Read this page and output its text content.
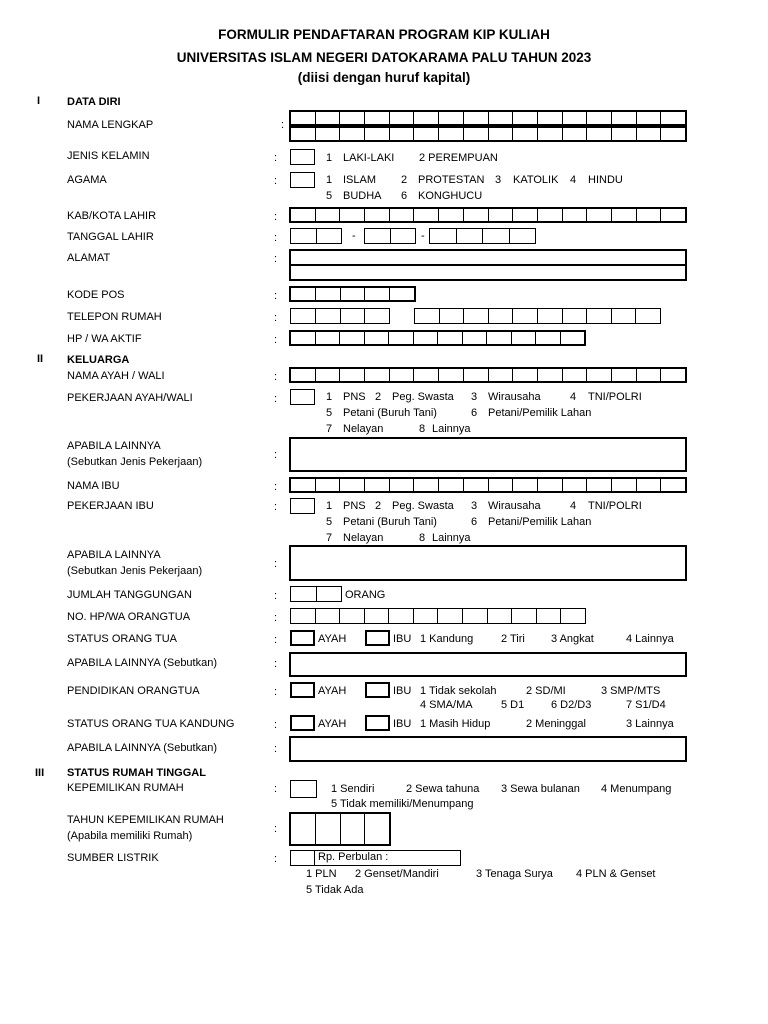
FORMULIR PENDAFTARAN PROGRAM KIP KULIAH
UNIVERSITAS ISLAM NEGERI DATOKARAMA PALU TAHUN 2023
(diisi dengan huruf kapital)
I DATA DIRI
NAMA LENGKAP	:
JENIS KELAMIN	:	1 LAKI-LAKI 2 PEREMPUAN
AGAMA	:	1 ISLAM 2 PROTESTAN 3 KATOLIK 4 HINDU
5 BUDHA 6 KONGHUCU
KAB/KOTA LAHIR	:
TANGGAL LAHIR	:	-	-
ALAMAT	:
KODE POS	:
TELEPON RUMAH	:
HP / WA AKTIF	:
II KELUARGA
NAMA AYAH / WALI	:
PEKERJAAN AYAH/WALI	:	1 PNS 2 Peg. Swasta 3 Wirausaha	4 TNI/POLRI
5 Petani (Buruh Tani)	6 Petani/Pemilik Lahan
7 Nelayan	8 Lainnya
APABILA LAINNYA
(Sebutkan Jenis Pekerjaan)
:
NAMA IBU	:
PEKERJAAN IBU	:	1 PNS 2 Peg. Swasta 3 Wirausaha	4 TNI/POLRI
5 Petani (Buruh Tani)	6 Petani/Pemilik Lahan
7 Nelayan	8 Lainnya
APABILA LAINNYA
(Sebutkan Jenis Pekerjaan)
:
JUMLAH TANGGUNGAN	:	ORANG
NO. HP/WA ORANGTUA	:
STATUS ORANG TUA	:	AYAH	IBU 1 Kandung	2 Tiri 3 Angkat	4 Lainnya
APABILA LAINNYA (Sebutkan)	:
PENDIDIKAN ORANGTUA	:	AYAH	IBU 1 Tidak sekolah	2 SD/MI	3 SMP/MTS
4 SMA/MA	5 D1 6 D2/D3	7 S1/D4
STATUS ORANG TUA KANDUNG	:	AYAH	IBU 1 Masih Hidup	2 Meninggal	3 Lainnya
APABILA LAINNYA (Sebutkan)	:
III STATUS RUMAH TINGGAL
KEPEMILIKAN RUMAH	:	1 Sendiri	2 Sewa tahuna 3 Sewa bulanan 4 Menumpang
5 Tidak memiliki/Menumpang
TAHUN KEPEMILIKAN RUMAH
(Apabila memiliki Rumah)
:
SUMBER LISTRIK	:	Rp. Perbulan :
1 PLN 2 Genset/Mandiri	3 Tenaga Surya 4 PLN & Genset
5 Tidak Ada
